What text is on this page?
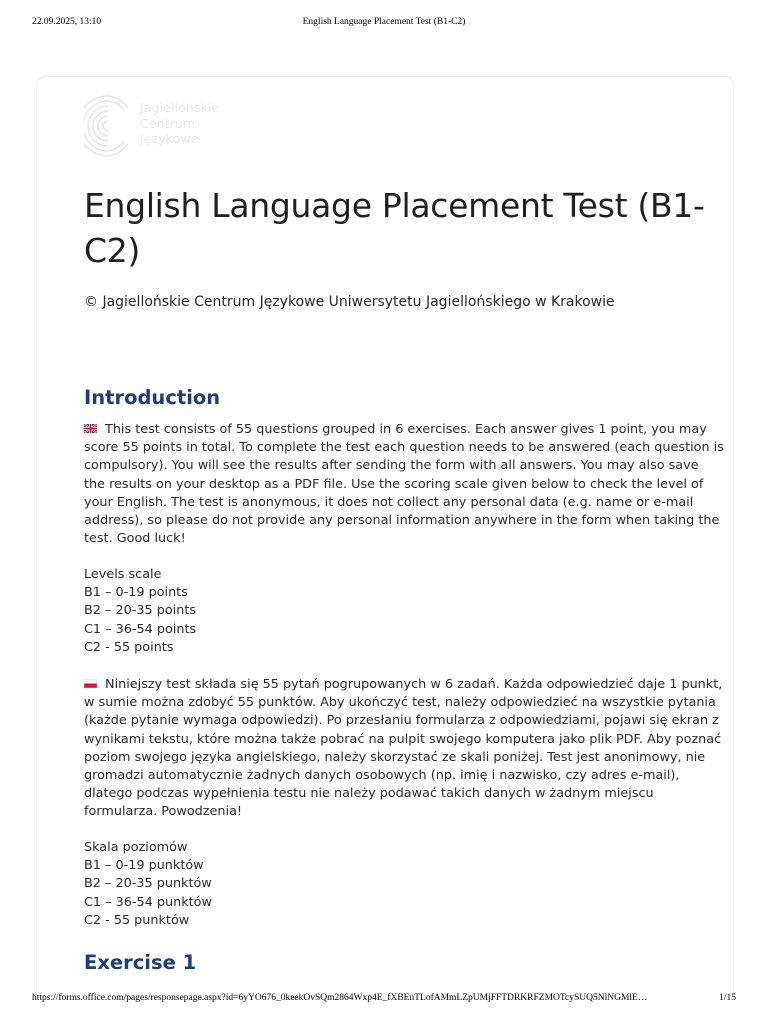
22.09.2025, 13:10	English Language Placement Test (B1-C2)
Jagiellońskie
Centrum
Językowe
English Language Placement Test (B1-
C2)
© Jagiellońskie Centrum Językowe Uniwersytetu Jagiellońskiego w Krakowie
Introduction
This test consists of 55 questions grouped in 6 exercises. Each answer gives 1 point, you may
score 55 points in total. To complete the test each question needs to be answered (each question is
compulsory). You will see the results after sending the form with all answers. You may also save
the results on your desktop as a PDF file. Use the scoring scale given below to check the level of
your English. The test is anonymous, it does not collect any personal data (e.g. name or e-mail
address), so please do not provide any personal information anywhere in the form when taking the
test. Good luck!
Levels scale
B1 – 0-19 points
B2 – 20-35 points
C1 – 36-54 points
C2 - 55 points
Niniejszy test składa się 55 pytań pogrupowanych w 6 zadań. Każda odpowiedzieć daje 1 punkt,
w sumie można zdobyć 55 punktów. Aby ukończyć test, należy odpowiedzieć na wszystkie pytania
(każde pytanie wymaga odpowiedzi). Po przesłaniu formularza z odpowiedziami, pojawi się ekran z
wynikami tekstu, które można także pobrać na pulpit swojego komputera jako plik PDF. Aby poznać
poziom swojego języka angielskiego, należy skorzystać ze skali poniżej. Test jest anonimowy, nie
gromadzi automatycznie żadnych danych osobowych (np. imię i nazwisko, czy adres e-mail),
dlatego podczas wypełnienia testu nie należy podawać takich danych w żadnym miejscu
formularza. Powodzenia!
Skala poziomów
B1 – 0-19 punktów
B2 – 20-35 punktów
C1 – 36-54 punktów
C2 - 55 punktów
Exercise 1
https://forms.office.com/pages/responsepage.aspx?id=6yYO676_0keekOvSQm2864Wxp4E_fXBEnTLofAMmLZpUMjFFTDRKRFZMOTcySUQ5NlNGMlE…	1/15
